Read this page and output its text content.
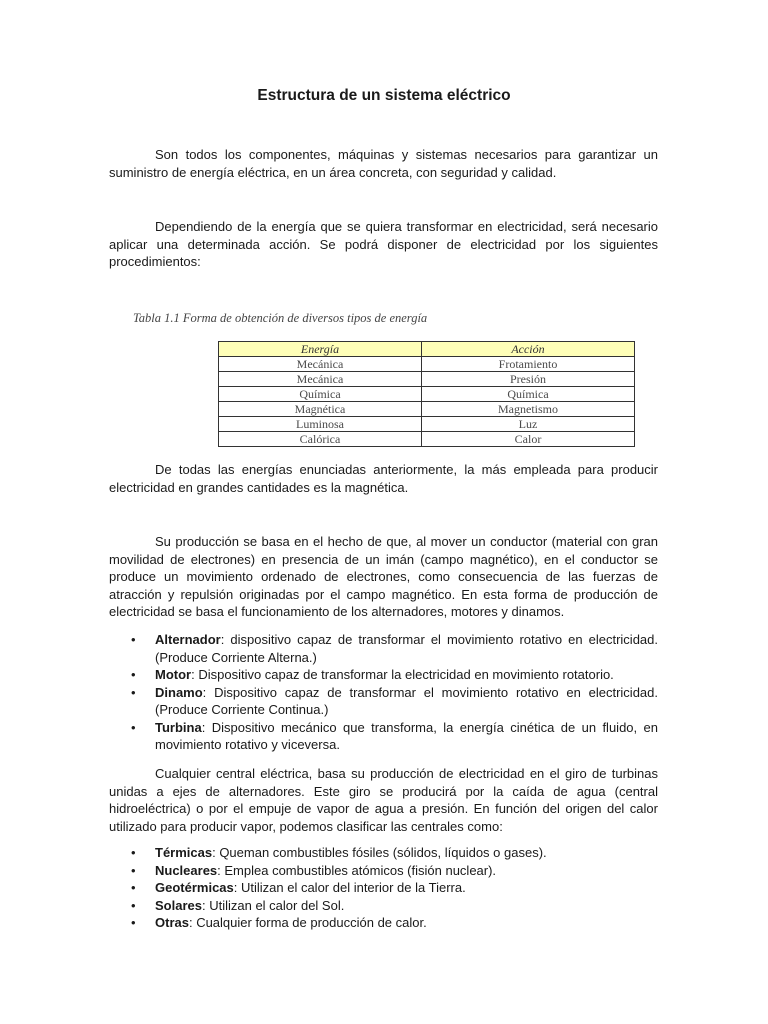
Estructura de un sistema eléctrico

Son todos los componentes, máquinas y sistemas necesarios para garantizar un suministro de energía eléctrica, en un área concreta, con seguridad y calidad.

Dependiendo de la energía que se quiera transformar en electricidad, será necesario aplicar una determinada acción. Se podrá disponer de electricidad por los siguientes procedimientos:

Tabla 1.1 Forma de obtención de diversos tipos de energía

Energía	Acción
Mecánica	Frotamiento
Mecánica	Presión
Química	Química
Magnética	Magnetismo
Luminosa	Luz
Calórica	Calor

De todas las energías enunciadas anteriormente, la más empleada para producir electricidad en grandes cantidades es la magnética.

Su producción se basa en el hecho de que, al mover un conductor (material con gran movilidad de electrones) en presencia de un imán (campo magnético), en el conductor se produce un movimiento ordenado de electrones, como consecuencia de las fuerzas de atracción y repulsión originadas por el campo magnético. En esta forma de producción de electricidad se basa el funcionamiento de los alternadores, motores y dinamos.

• Alternador: dispositivo capaz de transformar el movimiento rotativo en electricidad. (Produce Corriente Alterna.)
• Motor: Dispositivo capaz de transformar la electricidad en movimiento rotatorio.
• Dinamo: Dispositivo capaz de transformar el movimiento rotativo en electricidad. (Produce Corriente Continua.)
• Turbina: Dispositivo mecánico que transforma, la energía cinética de un fluido, en movimiento rotativo y viceversa.

Cualquier central eléctrica, basa su producción de electricidad en el giro de turbinas unidas a ejes de alternadores. Este giro se producirá por la caída de agua (central hidroeléctrica) o por el empuje de vapor de agua a presión. En función del origen del calor utilizado para producir vapor, podemos clasificar las centrales como:

• Térmicas: Queman combustibles fósiles (sólidos, líquidos o gases).
• Nucleares: Emplea combustibles atómicos (fisión nuclear).
• Geotérmicas: Utilizan el calor del interior de la Tierra.
• Solares: Utilizan el calor del Sol.
• Otras: Cualquier forma de producción de calor.
